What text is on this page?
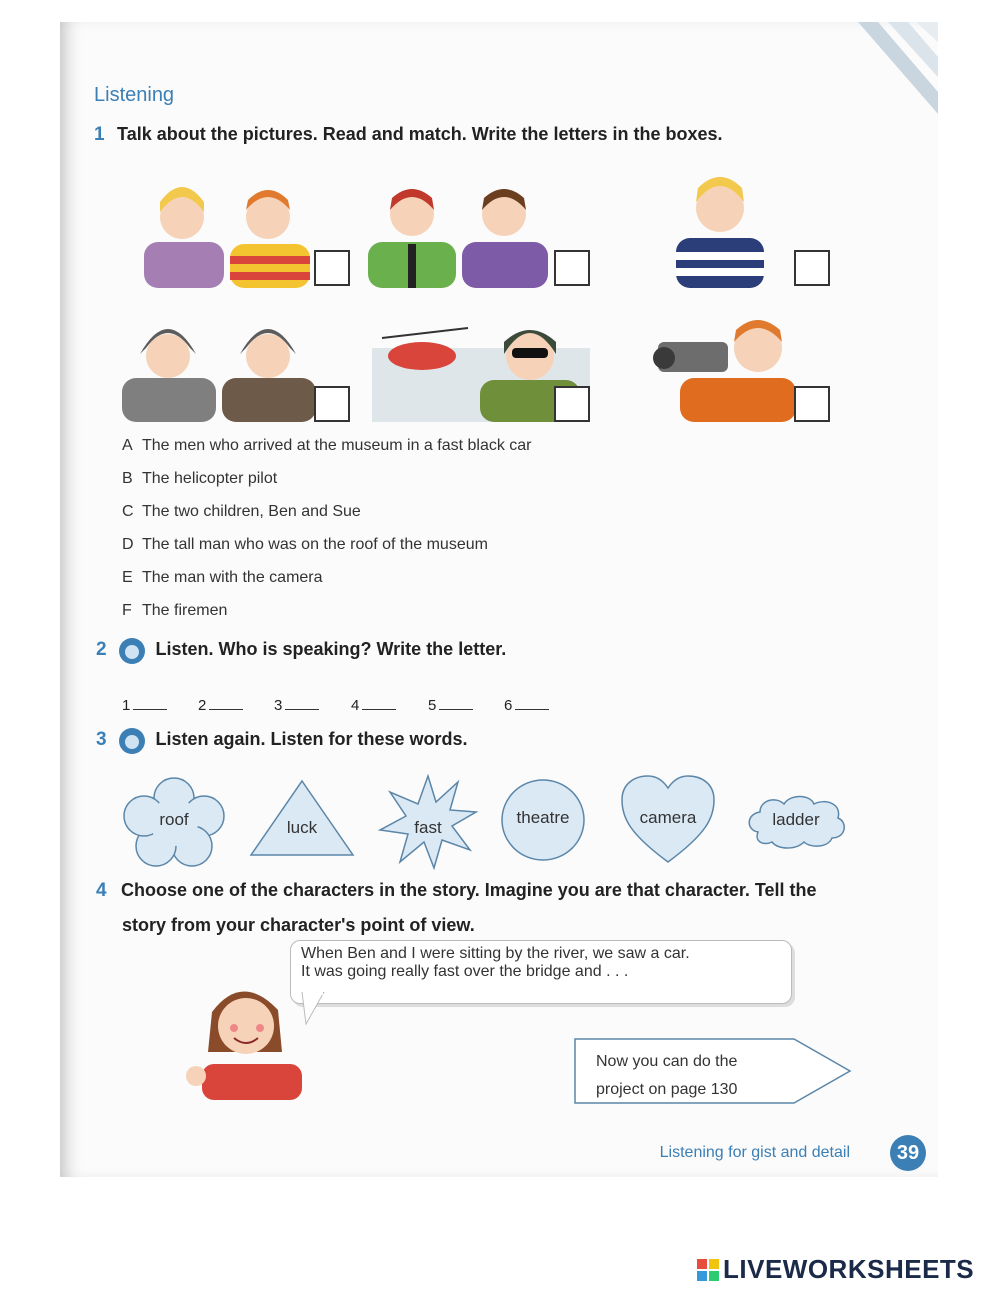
Listening
1 Talk about the pictures. Read and match. Write the letters in the boxes.
A The men who arrived at the museum in a fast black car
B The helicopter pilot
C The two children, Ben and Sue
D The tall man who was on the roof of the museum
E The man with the camera
F The firemen
2	Listen. Who is speaking? Write the letter.
1	2	3	4	5	6
3	Listen again. Listen for these words.
roof	luck	fast
theatre	camera	ladder
4 Choose one of the characters in the story. Imagine you are that character. Tell the
story from your character's point of view.
When Ben and I were sitting by the river, we saw a car.
It was going really fast over the bridge and . . .
Now you can do the
project on page 130
Listening for gist and detail	39
LIVEWORKSHEETS
